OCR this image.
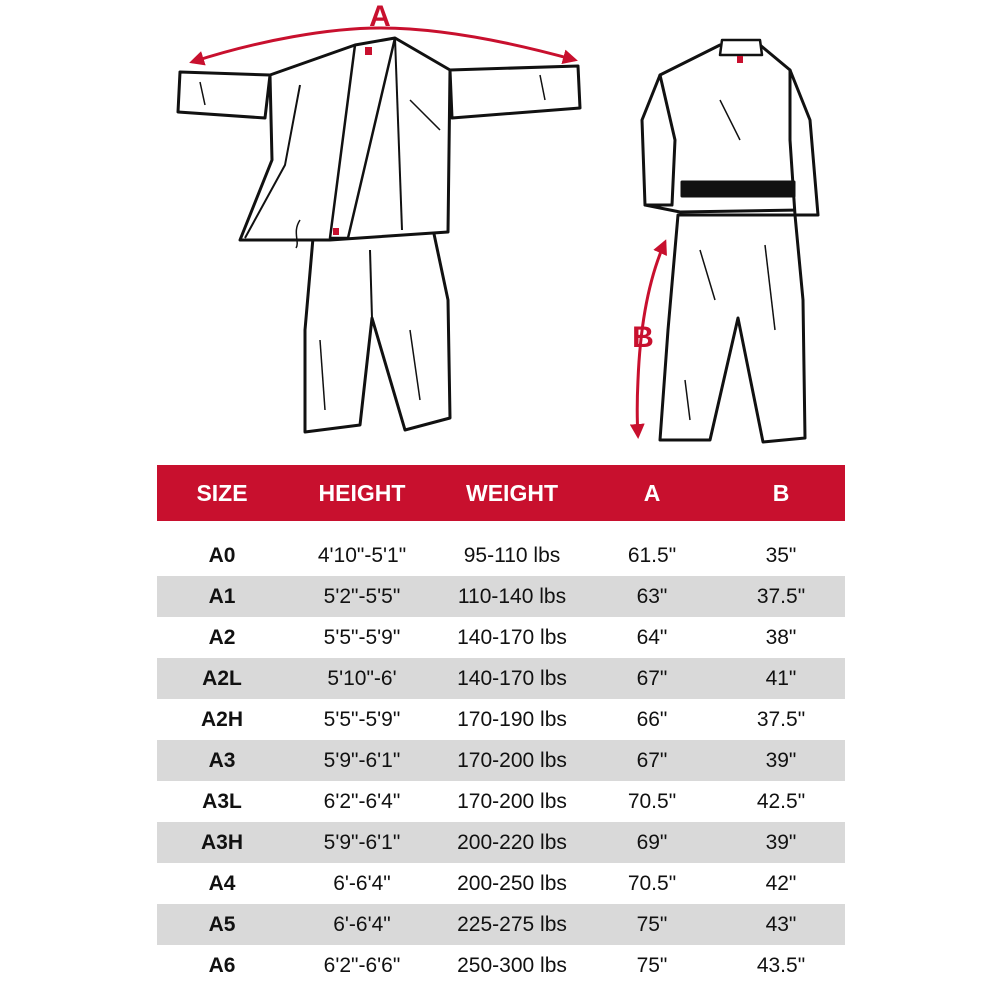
A
B
SIZE	HEIGHT	WEIGHT	A	B
A0	4'10"-5'1"	95-110 lbs	61.5"	35"
A1	5'2"-5'5"	110-140 lbs	63"	37.5"
A2	5'5"-5'9"	140-170 lbs	64"	38"
A2L	5'10"-6'	140-170 lbs	67"	41"
A2H	5'5"-5'9"	170-190 lbs	66"	37.5"
A3	5'9"-6'1"	170-200 lbs	67"	39"
A3L	6'2"-6'4"	170-200 lbs	70.5"	42.5"
A3H	5'9"-6'1"	200-220 lbs	69"	39"
A4	6'-6'4"	200-250 lbs	70.5"	42"
A5	6'-6'4"	225-275 lbs	75"	43"
A6	6'2"-6'6"	250-300 lbs	75"	43.5"
